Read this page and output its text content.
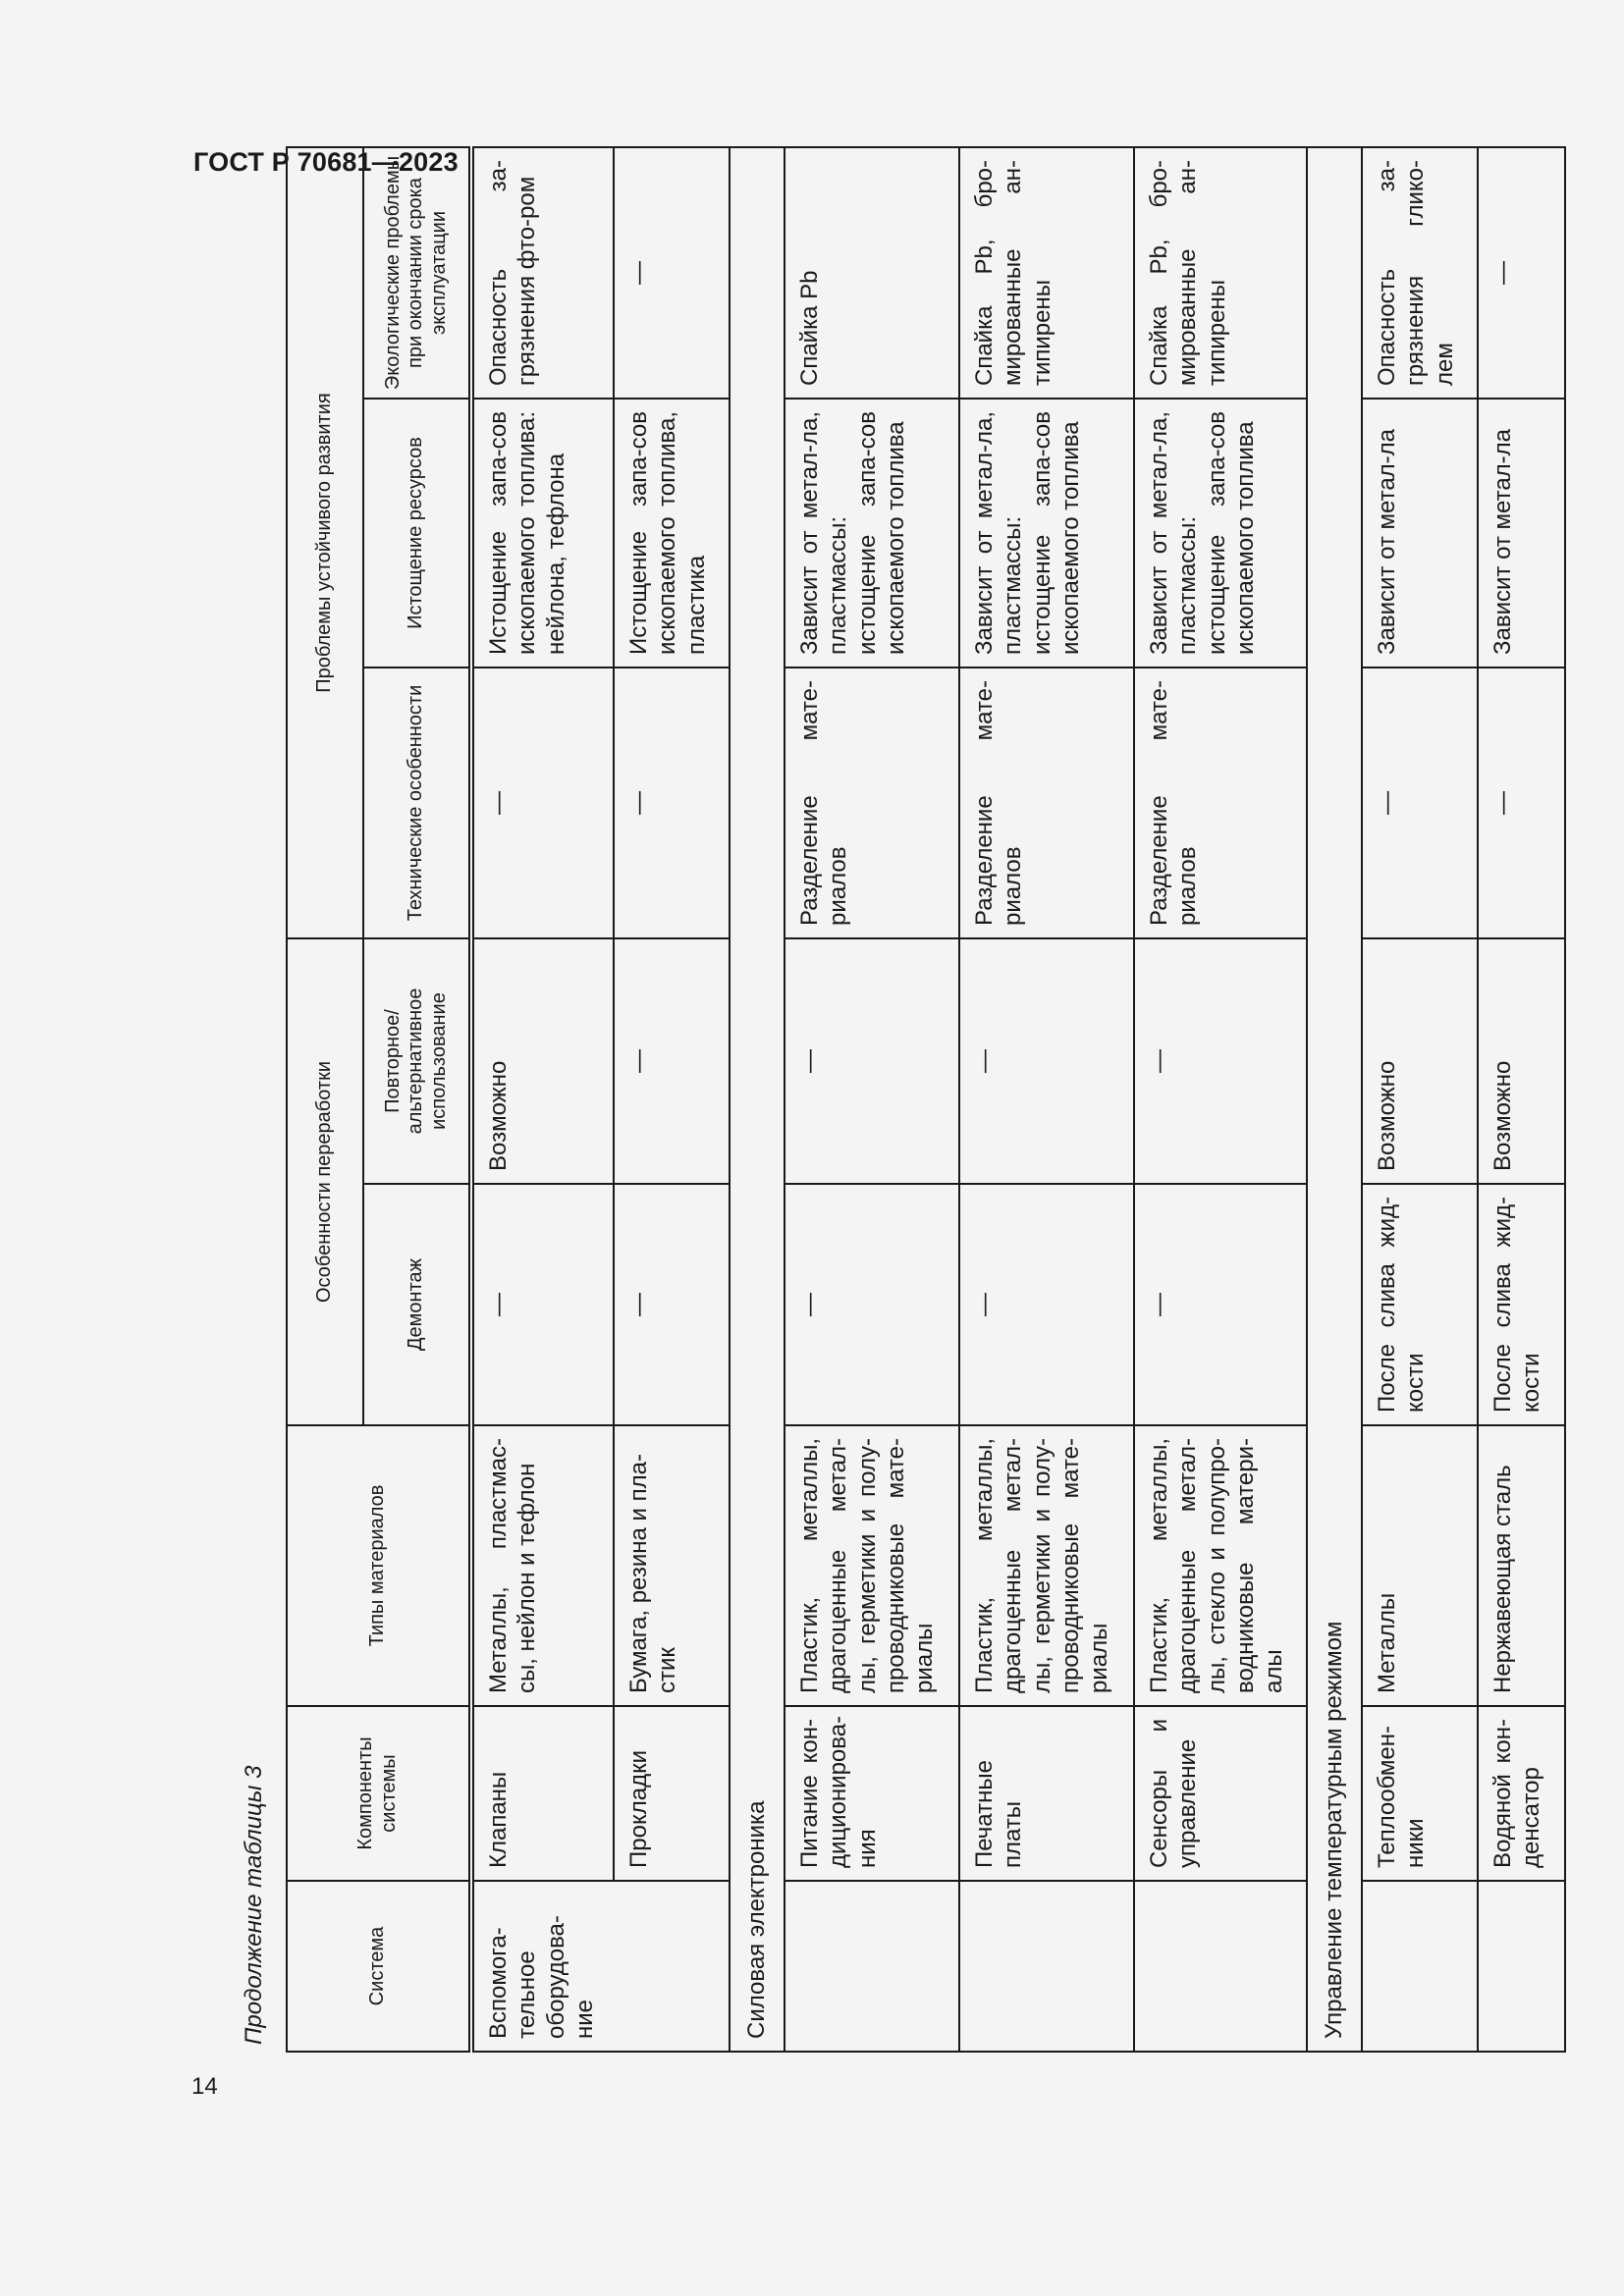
ГОСТ Р 70681—2023
14
Продолжение таблицы 3	Система	Компоненты системы	Типы материалов	Особенности переработки		Проблемы устойчивого развития		
			Демонтаж	Повторное/ альтернативное использование	Технические особенности	Истощение ресурсов	Экологические проблемы при окончании срока эксплуатации
Вспомога-тельное оборудова-ние	Клапаны	Металлы, пластмас-сы, нейлон и тефлон	—	Возможно	—	Истощение запа-сов ископаемого топлива: нейлона, тефлона	Опасность за-грязнения фто-ром
	Прокладки	Бумага, резина и пла-стик	—	—	—	Истощение запа-сов ископаемого топлива, пластика	—
Силовая электроника							
	Питание кон-диционирова-ния	Пластик, металлы, драгоценные метал-лы, герметики и полу-проводниковые мате-риалы	—	—	Разделение мате-риалов	Зависит от метал-ла, пластмассы: истощение запа-сов ископаемого топлива	Спайка Pb
	Печатные платы	Пластик, металлы, драгоценные метал-лы, герметики и полу-проводниковые мате-риалы	—	—	Разделение мате-риалов	Зависит от метал-ла, пластмассы: истощение запа-сов ископаемого топлива	Спайка Pb, бро-мированные ан-типирены
	Сенсоры и управление	Пластик, металлы, драгоценные метал-лы, стекло и полупро-водниковые матери-алы	—	—	Разделение мате-риалов	Зависит от метал-ла, пластмассы: истощение запа-сов ископаемого топлива	Спайка Pb, бро-мированные ан-типирены
Управление температурным режимом							
	Теплообмен-ники	Металлы	После слива жид-кости	Возможно	—	Зависит от метал-ла	Опасность за-грязнения глико-лем
	Водяной кон-денсатор	Нержавеющая сталь	После слива жид-кости	Возможно	—	Зависит от метал-ла	—
